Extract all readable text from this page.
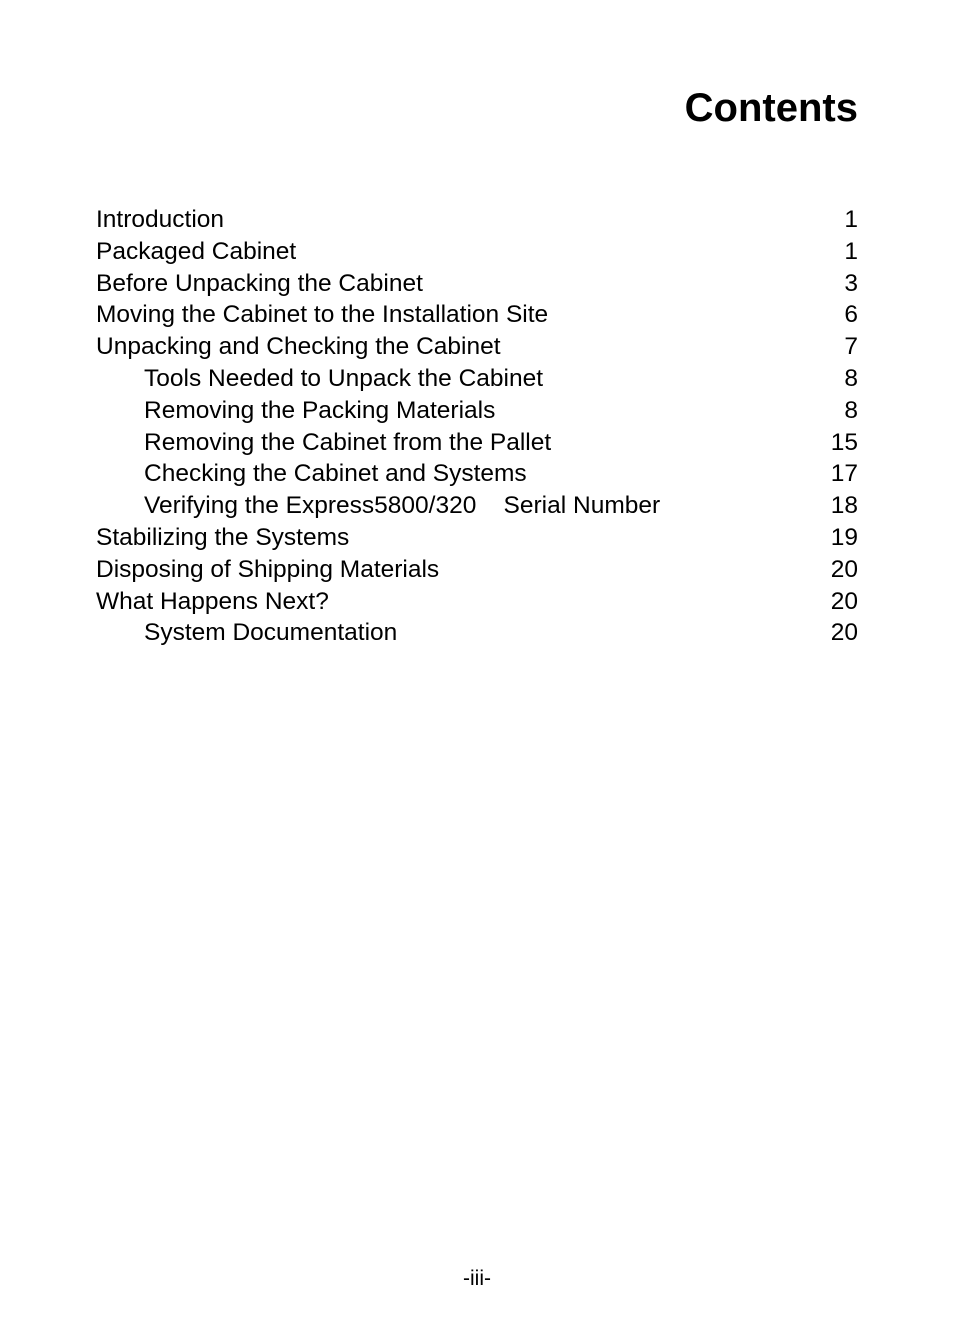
Contents
Introduction	1
Packaged Cabinet	1
Before Unpacking the Cabinet	3
Moving the Cabinet to the Installation Site	6
Unpacking and Checking the Cabinet	7
Tools Needed to Unpack the Cabinet	8
Removing the Packing Materials	8
Removing the Cabinet from the Pallet	15
Checking the Cabinet and Systems	17
Verifying the Express5800/320    Serial Number	18
Stabilizing the Systems	19
Disposing of Shipping Materials	20
What Happens Next?	20
System Documentation	20
-iii-
